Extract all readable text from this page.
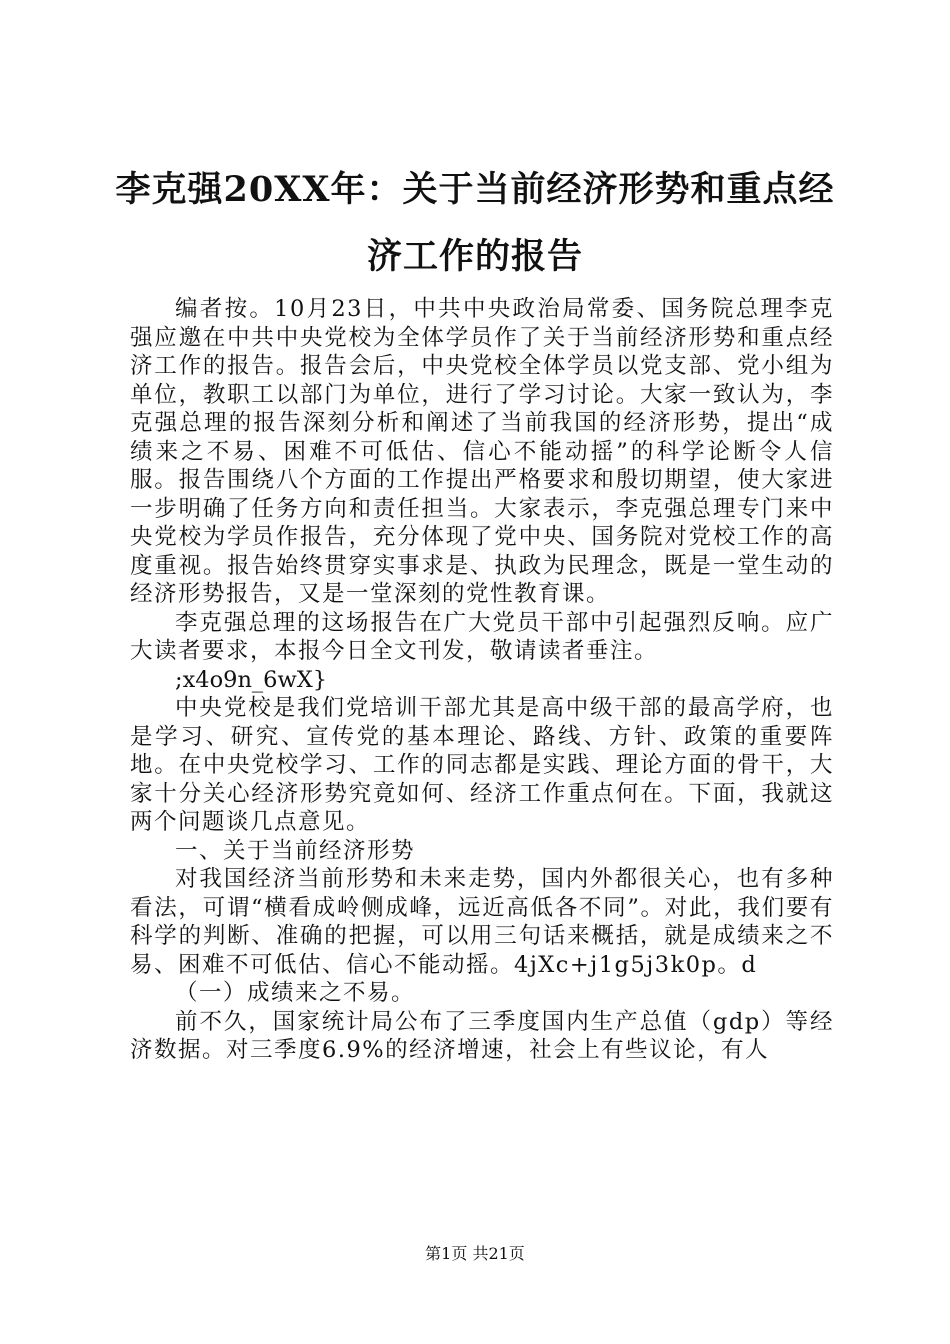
李克强20XX年：关于当前经济形势和重点经济工作的报告

编者按。10月23日，中共中央政治局常委、国务院总理李克强应邀在中共中央党校为全体学员作了关于当前经济形势和重点经济工作的报告。报告会后，中央党校全体学员以党支部、党小组为单位，教职工以部门为单位，进行了学习讨论。大家一致认为，李克强总理的报告深刻分析和阐述了当前我国的经济形势，提出“成绩来之不易、困难不可低估、信心不能动摇”的科学论断令人信服。报告围绕八个方面的工作提出严格要求和殷切期望，使大家进一步明确了任务方向和责任担当。大家表示，李克强总理专门来中央党校为学员作报告，充分体现了党中央、国务院对党校工作的高度重视。报告始终贯穿实事求是、执政为民理念，既是一堂生动的经济形势报告，又是一堂深刻的党性教育课。

李克强总理的这场报告在广大党员干部中引起强烈反响。应广大读者要求，本报今日全文刊发，敬请读者垂注。

;x4o9n_6wX}

中央党校是我们党培训干部尤其是高中级干部的最高学府，也是学习、研究、宣传党的基本理论、路线、方针、政策的重要阵地。在中央党校学习、工作的同志都是实践、理论方面的骨干，大家十分关心经济形势究竟如何、经济工作重点何在。下面，我就这两个问题谈几点意见。

一、关于当前经济形势

对我国经济当前形势和未来走势，国内外都很关心，也有多种看法，可谓“横看成岭侧成峰，远近高低各不同”。对此，我们要有科学的判断、准确的把握，可以用三句话来概括，就是成绩来之不易、困难不可低估、信心不能动摇。4jXc+j1g5j3k0p。d

（一）成绩来之不易。

前不久，国家统计局公布了三季度国内生产总值（gdp）等经济数据。对三季度6.9%的经济增速，社会上有些议论，有人

第1页 共21页
